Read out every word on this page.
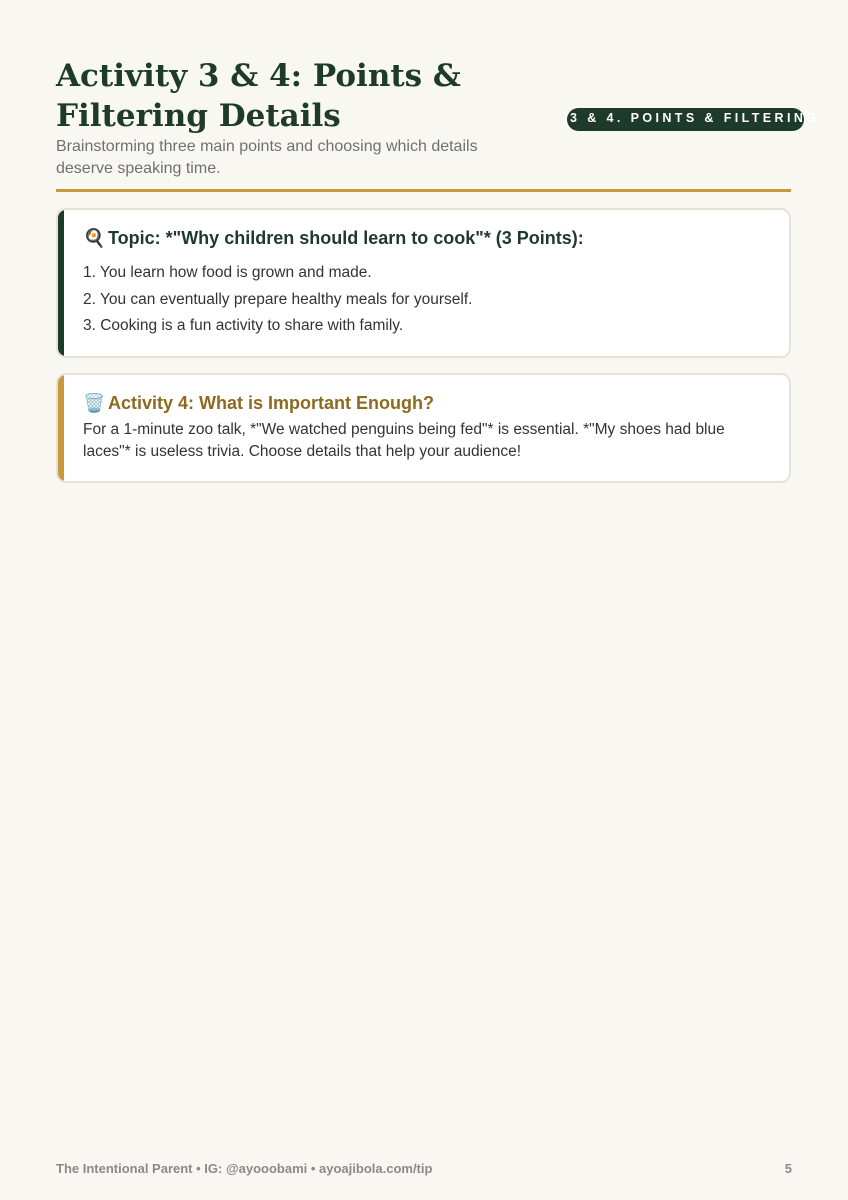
Activity 3 & 4: Points & Filtering Details	3 & 4. POINTS & FILTERING

Brainstorming three main points and choosing which details deserve speaking time.

🍳 Topic: *"Why children should learn to cook"* (3 Points):
1. You learn how food is grown and made.
2. You can eventually prepare healthy meals for yourself.
3. Cooking is a fun activity to share with family.
🗑️ Activity 4: What is Important Enough?

For a 1-minute zoo talk, *"We watched penguins being fed"* is essential. *"My shoes had blue laces"* is useless trivia. Choose details that help your audience!

The Intentional Parent • IG: @ayooobami • ayoajibola.com/tip	5
